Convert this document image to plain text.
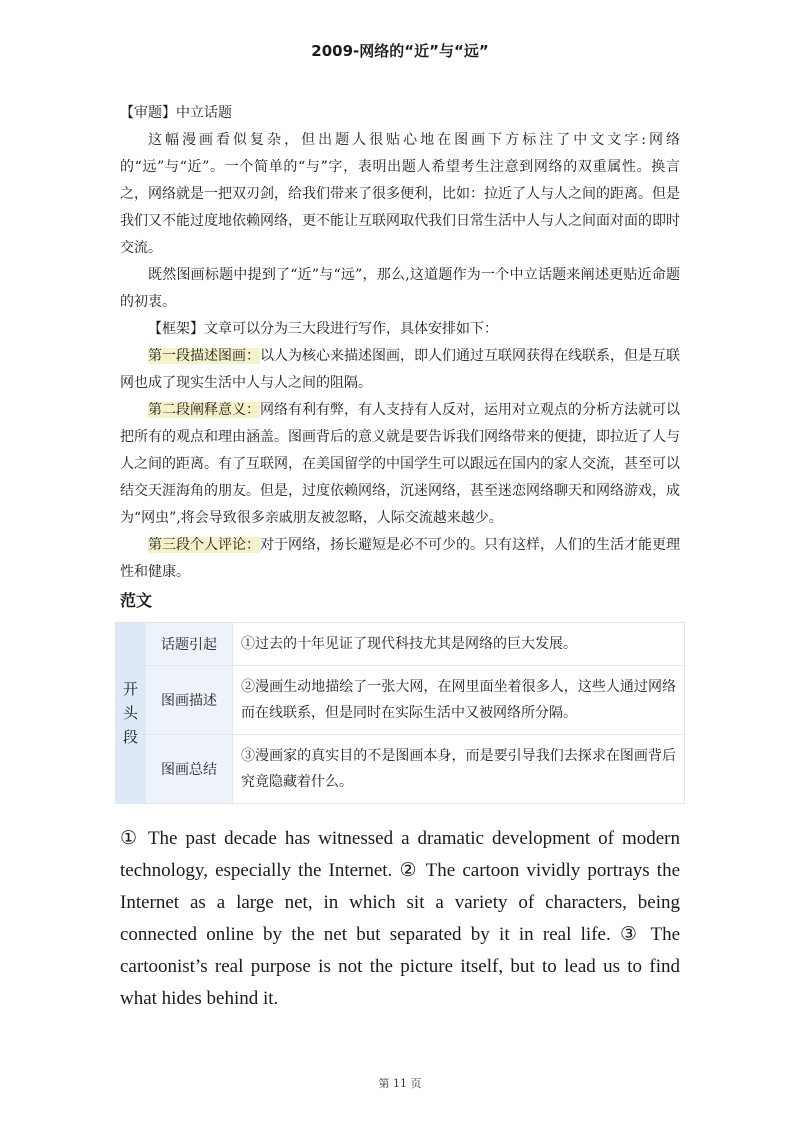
2009-网络的“近”与“远”

【审题】中立话题

这幅漫画看似复杂，但出题人很贴心地在图画下方标注了中文文字:网络的“远”与“近”。一个简单的“与”字，表明出题人希望考生注意到网络的双重属性。换言之，网络就是一把双刃剑，给我们带来了很多便利，比如：拉近了人与人之间的距离。但是我们又不能过度地依赖网络，更不能让互联网取代我们日常生活中人与人之间面对面的即时交流。

既然图画标题中提到了“近”与“远”，那么,这道题作为一个中立话题来阐述更贴近命题的初衷。

【框架】文章可以分为三大段进行写作，具体安排如下：

第一段描述图画：以人为核心来描述图画，即人们通过互联网获得在线联系，但是互联网也成了现实生活中人与人之间的阻隔。

第二段阐释意义：网络有利有弊，有人支持有人反对，运用对立观点的分析方法就可以把所有的观点和理由涵盖。图画背后的意义就是要告诉我们网络带来的便捷，即拉近了人与人之间的距离。有了互联网，在美国留学的中国学生可以跟远在国内的家人交流，甚至可以结交天涯海角的朋友。但是，过度依赖网络，沉迷网络，甚至迷恋网络聊天和网络游戏，成为“网虫”,将会导致很多亲戚朋友被忽略，人际交流越来越少。

第三段个人评论：对于网络，扬长避短是必不可少的。只有这样，人们的生活才能更理性和健康。

范文
开
头
段	话题引起	①过去的十年见证了现代科技尤其是网络的巨大发展。
	图画描述	②漫画生动地描绘了一张大网，在网里面坐着很多人，这些人通过网络而在线联系，但是同时在实际生活中又被网络所分隔。
	图画总结	③漫画家的真实目的不是图画本身，而是要引导我们去探求在图画背后究竟隐藏着什么。
① The past decade has witnessed a dramatic development of modern technology, especially the Internet. ② The cartoon vividly portrays the Internet as a large net, in which sit a variety of characters, being connected online by the net but separated by it in real life. ③ The cartoonist’s real purpose is not the picture itself, but to lead us to find what hides behind it.
第 11 页
